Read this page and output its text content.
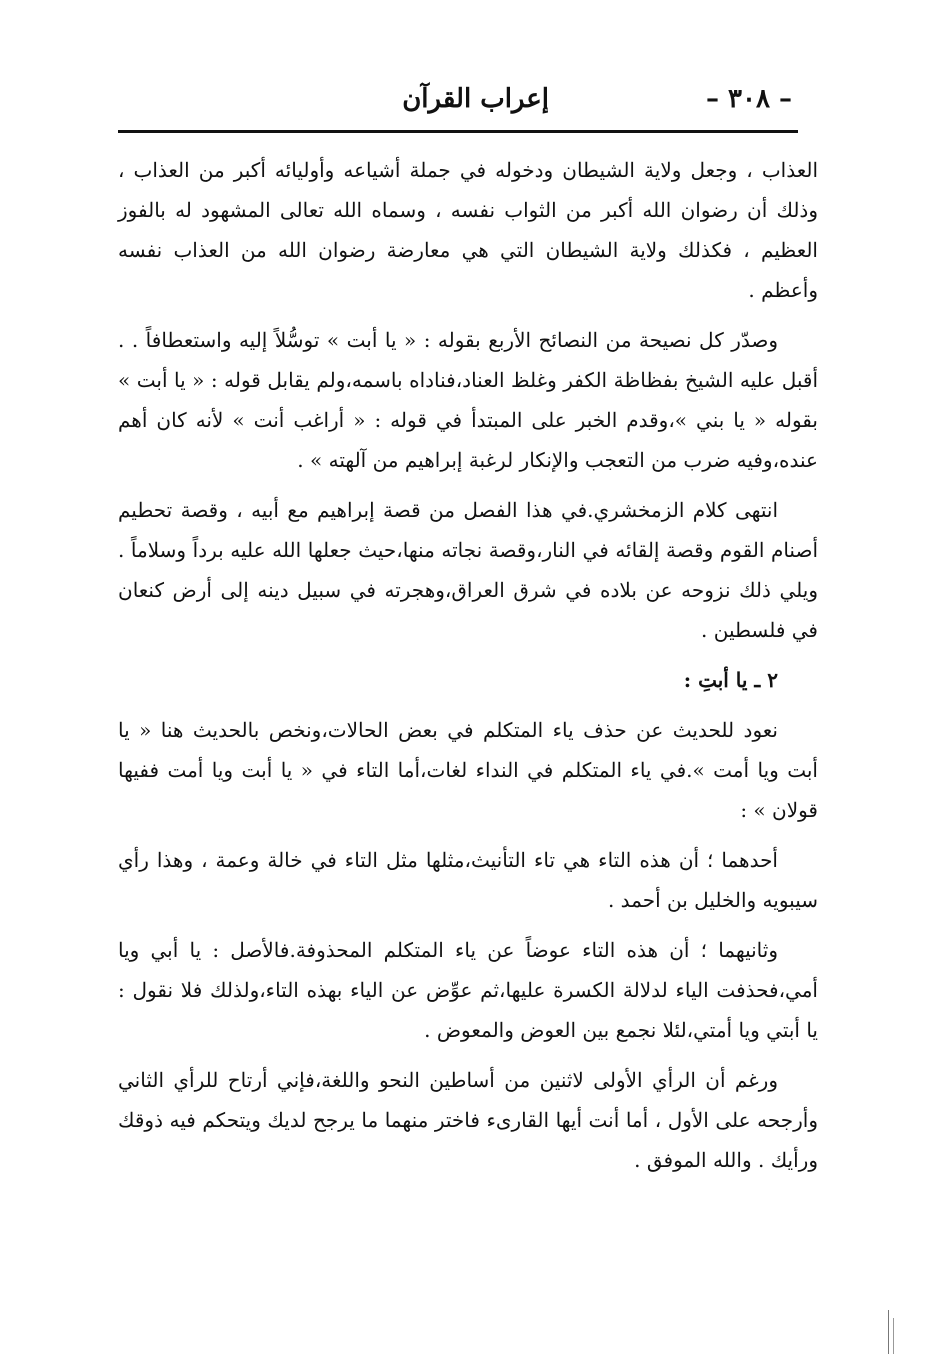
– ٣٠٨ –
إعراب القرآن

العذاب ، وجعل ولاية الشيطان ودخوله في جملة أشياعه وأوليائه أكبر من العذاب ، وذلك أن رضوان الله أكبر من الثواب نفسه ، وسماه الله تعالى المشهود له بالفوز العظيم ، فكذلك ولاية الشيطان التي هي معارضة رضوان الله من العذاب نفسه وأعظم .

وصدّر كل نصيحة من النصائح الأربع بقوله : « يا أبت » توسُّلاً إليه واستعطافاً . . أقبل عليه الشيخ بفظاظة الكفر وغلظ العناد،فناداه باسمه،ولم يقابل قوله : « يا أبت » بقوله « يا بني »،وقدم الخبر على المبتدأ في قوله : « أراغب أنت » لأنه كان أهم عنده،وفيه ضرب من التعجب والإنكار لرغبة إبراهيم من آلهته » .

انتهى كلام الزمخشري.في هذا الفصل من قصة إبراهيم مع أبيه ، وقصة تحطيم أصنام القوم وقصة إلقائه في النار،وقصة نجاته منها،حيث جعلها الله عليه برداً وسلاماً . ويلي ذلك نزوحه عن بلاده في شرق العراق،وهجرته في سبيل دينه إلى أرض كنعان في فلسطين .

٢ ـ يا أبتِ :

نعود للحديث عن حذف ياء المتكلم في بعض الحالات،ونخص بالحديث هنا « يا أبت ويا أمت ».في ياء المتكلم في النداء لغات،أما التاء في « يا أبت ويا أمت ففيها قولان » :

أحدهما ؛ أن هذه التاء هي تاء التأنيث،مثلها مثل التاء في خالة وعمة ، وهذا رأي سيبويه والخليل بن أحمد .

وثانيهما ؛ أن هذه التاء عوضاً عن ياء المتكلم المحذوفة.فالأصل : يا أبي ويا أمي،فحذفت الياء لدلالة الكسرة عليها،ثم عوِّض عن الياء بهذه التاء،ولذلك فلا نقول : يا أبتي ويا أمتي،لئلا نجمع بين العوض والمعوض .

ورغم أن الرأي الأولى لاثنين من أساطين النحو واللغة،فإني أرتاح للرأي الثاني وأرجحه على الأول ، أما أنت أيها القارىء فاختر منهما ما يرجح لديك ويتحكم فيه ذوقك ورأيك . والله الموفق .
